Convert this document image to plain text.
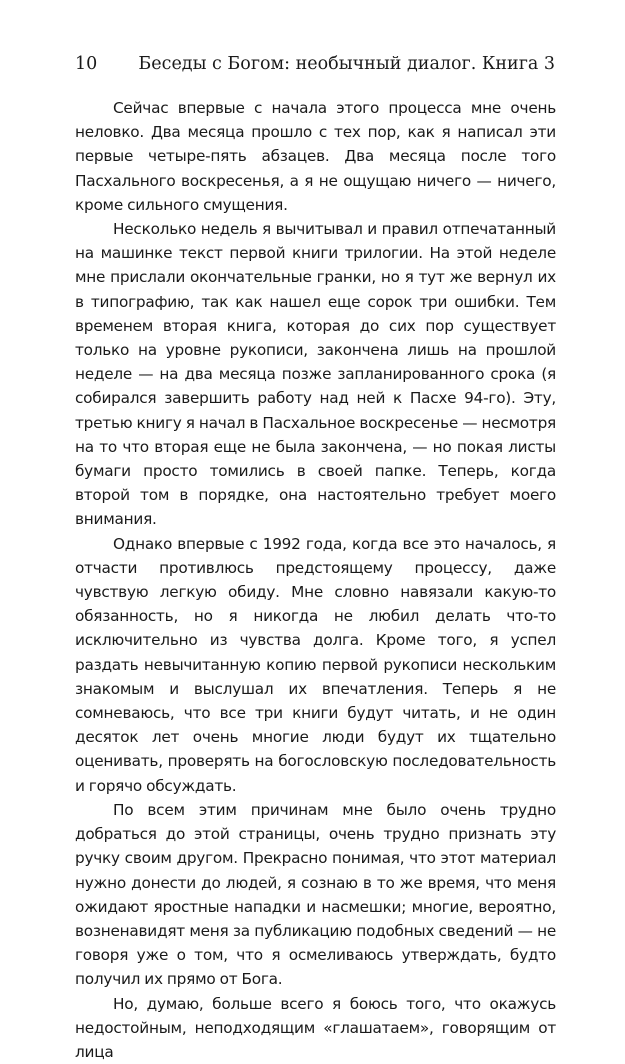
10 Беседы с Богом: необычный диалог. Книга 3

Сейчас впервые с начала этого процесса мне очень неловко. Два месяца прошло с тех пор, как я написал эти первые четыре-пять абзацев. Два месяца после того Пасхального воскресенья, а я не ощущаю ничего — ничего, кроме сильного смущения.

Несколько недель я вычитывал и правил отпечатанный на машинке текст первой книги трилогии. На этой неделе мне прислали окончательные гранки, но я тут же вернул их в типографию, так как нашел еще сорок три ошибки. Тем временем вторая книга, которая до сих пор существует только на уровне рукописи, закончена лишь на прошлой неделе — на два месяца позже запланированного срока (я собирался завершить работу над ней к Пасхе 94-го). Эту, третью книгу я начал в Пасхальное воскресенье — несмотря на то что вторая еще не была закончена, — но покая листы бумаги просто томились в своей папке. Теперь, когда второй том в порядке, она настоятельно требует моего внимания.

Однако впервые с 1992 года, когда все это началось, я отчасти противлюсь предстоящему процессу, даже чувствую легкую обиду. Мне словно навязали какую-то обязанность, но я никогда не любил делать что-то исключительно из чувства долга. Кроме того, я успел раздать невычитанную копию первой рукописи нескольким знакомым и выслушал их впечатления. Теперь я не сомневаюсь, что все три книги будут читать, и не один десяток лет очень многие люди будут их тщательно оценивать, проверять на богословскую последовательность и горячо обсуждать.

По всем этим причинам мне было очень трудно добраться до этой страницы, очень трудно признать эту ручку своим другом. Прекрасно понимая, что этот материал нужно донести до людей, я сознаю в то же время, что меня ожидают яростные нападки и насмешки; многие, вероятно, возненавидят меня за публикацию подобных сведений — не говоря уже о том, что я осмеливаюсь утверждать, будто получил их прямо от Бога.

Но, думаю, больше всего я боюсь того, что окажусь недостойным, неподходящим «глашатаем», говорящим от лица
